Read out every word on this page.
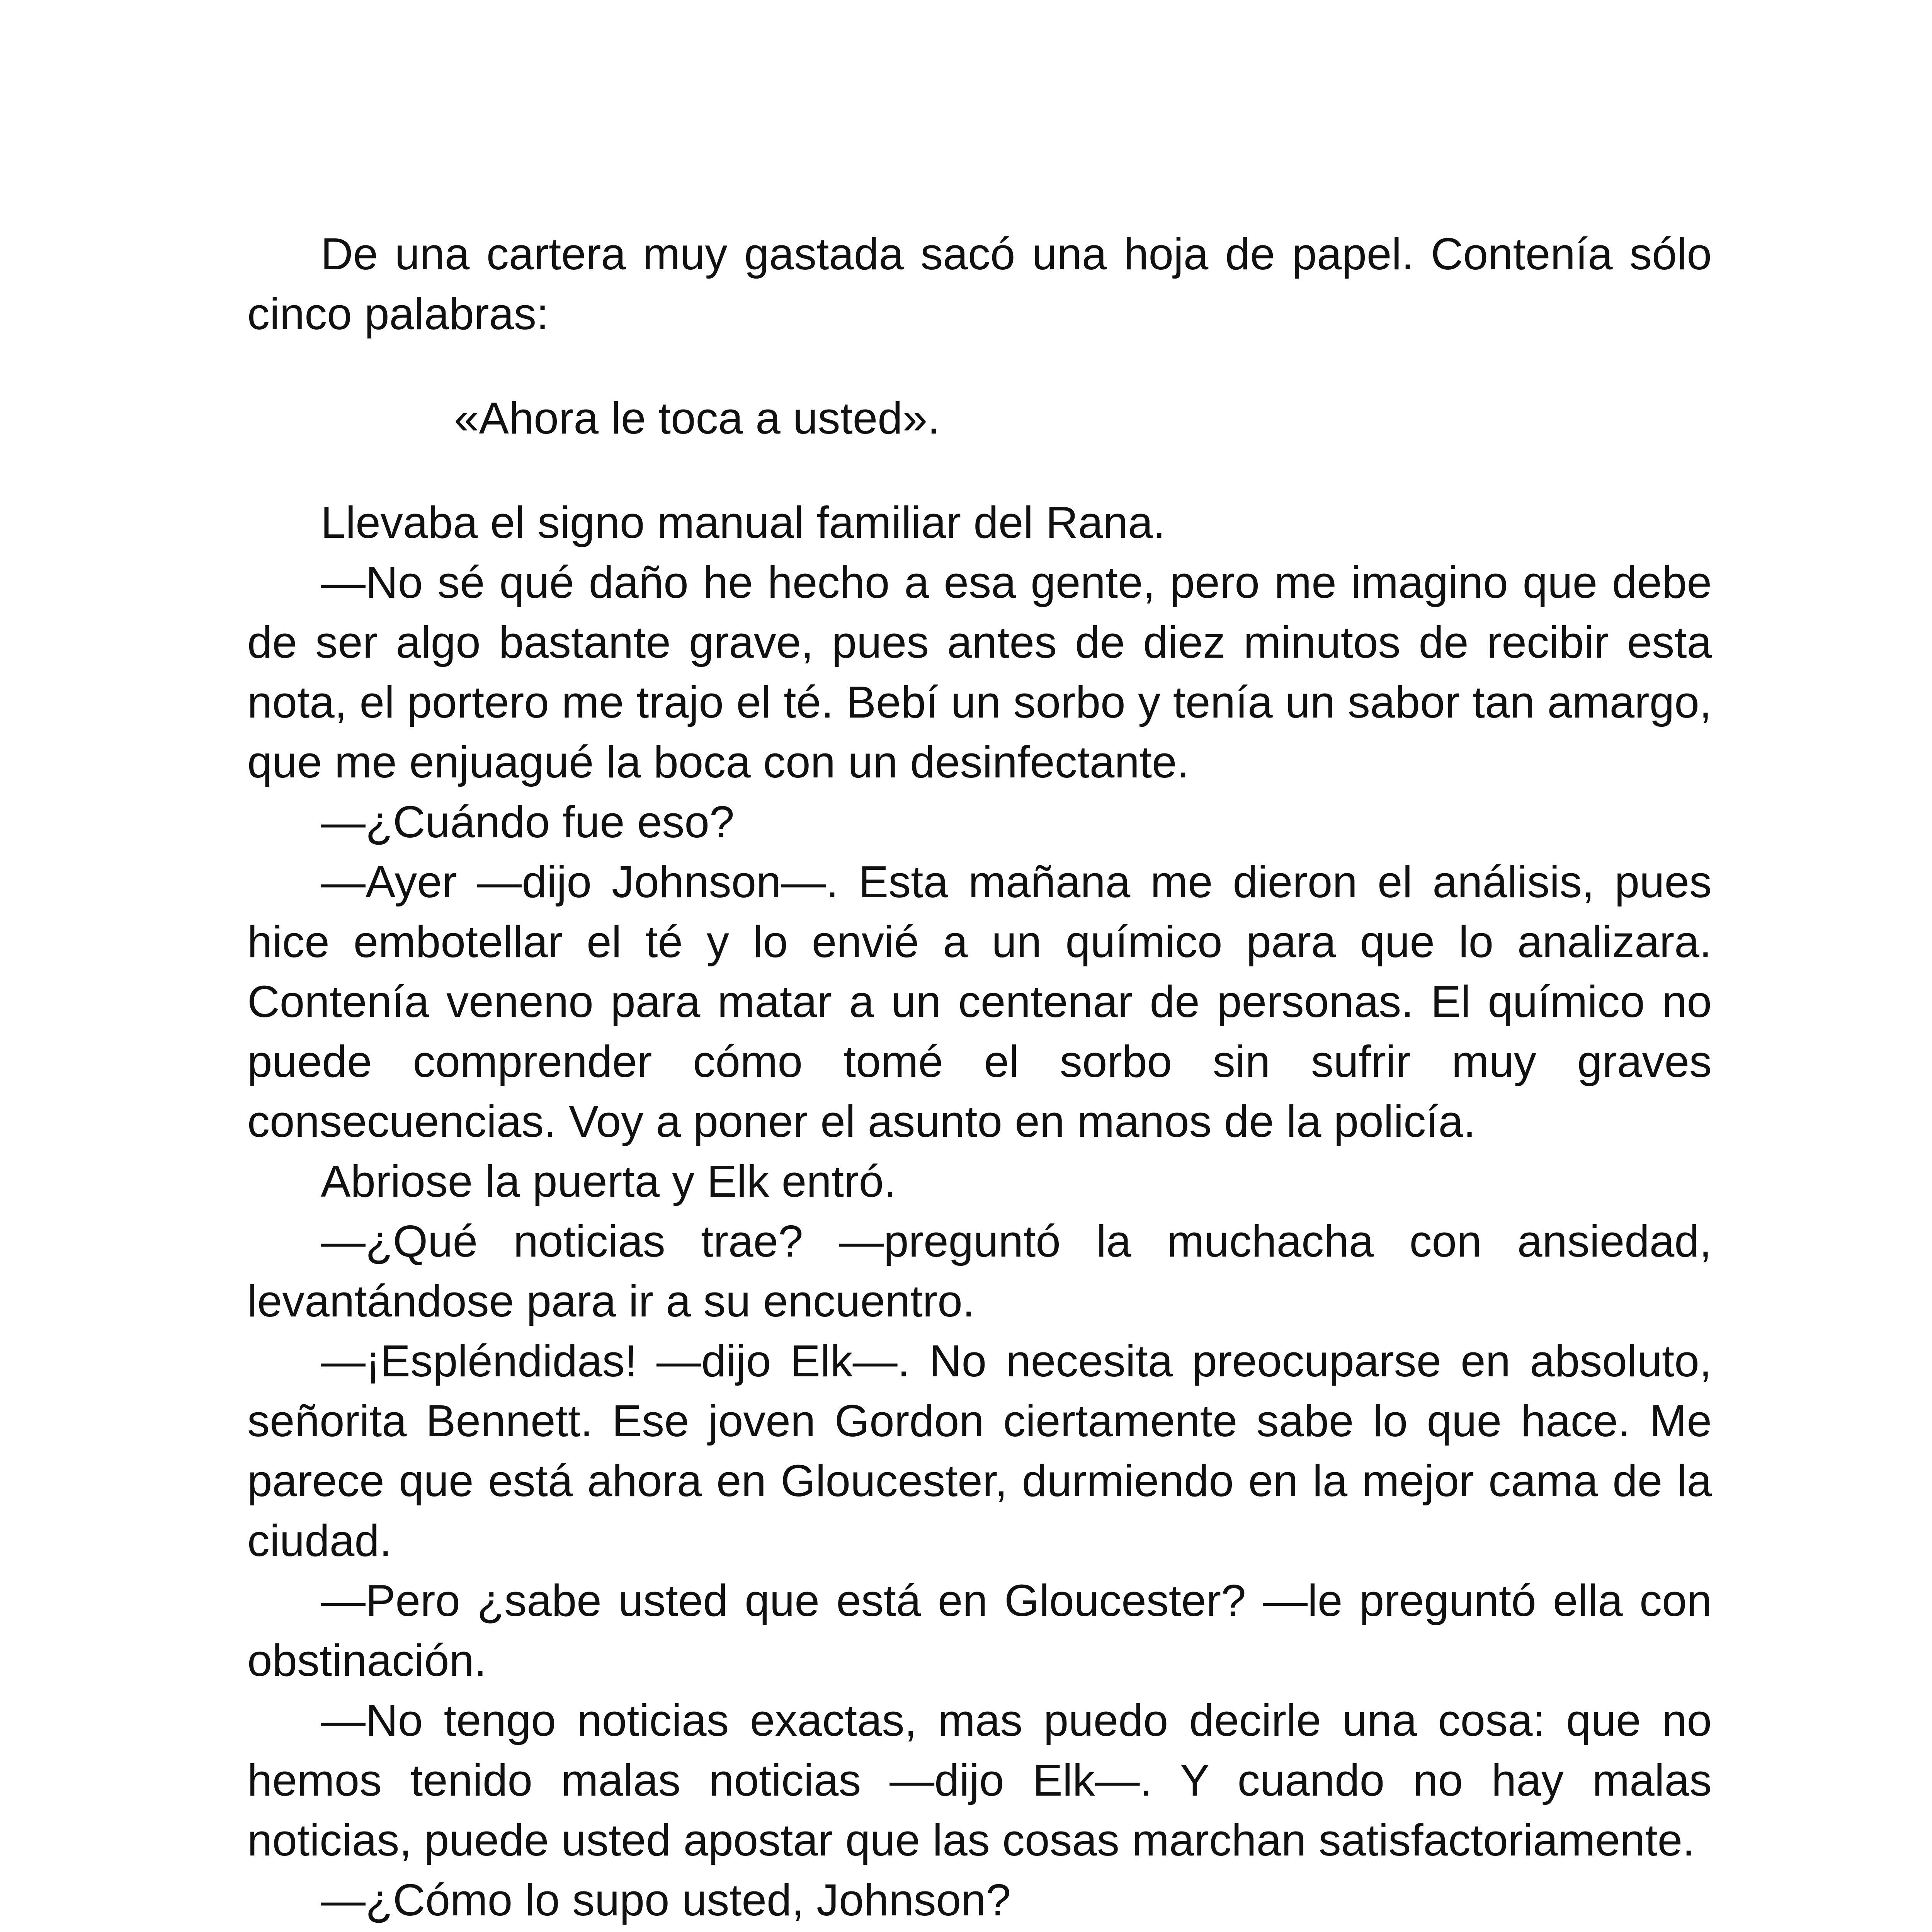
De una cartera muy gastada sacó una hoja de papel. Contenía sólo cinco palabras:

«Ahora le toca a usted».

Llevaba el signo manual familiar del Rana.

—No sé qué daño he hecho a esa gente, pero me imagino que debe de ser algo bastante grave, pues antes de diez minutos de recibir esta nota, el portero me trajo el té. Bebí un sorbo y tenía un sabor tan amargo, que me enjuagué la boca con un desinfectante.

—¿Cuándo fue eso?

—Ayer —dijo Johnson—. Esta mañana me dieron el análisis, pues hice embotellar el té y lo envié a un químico para que lo analizara. Contenía veneno para matar a un centenar de personas. El químico no puede comprender cómo tomé el sorbo sin sufrir muy graves consecuencias. Voy a poner el asunto en manos de la policía.

Abriose la puerta y Elk entró.

—¿Qué noticias trae? —preguntó la muchacha con ansiedad, levantándose para ir a su encuentro.

—¡Espléndidas! —dijo Elk—. No necesita preocuparse en absoluto, señorita Bennett. Ese joven Gordon ciertamente sabe lo que hace. Me parece que está ahora en Gloucester, durmiendo en la mejor cama de la ciudad.

—Pero ¿sabe usted que está en Gloucester? —le preguntó ella con obstinación.

—No tengo noticias exactas, mas puedo decirle una cosa: que no hemos tenido malas noticias —dijo Elk—. Y cuando no hay malas noticias, puede usted apostar que las cosas marchan satisfactoriamente.

—¿Cómo lo supo usted, Johnson?
